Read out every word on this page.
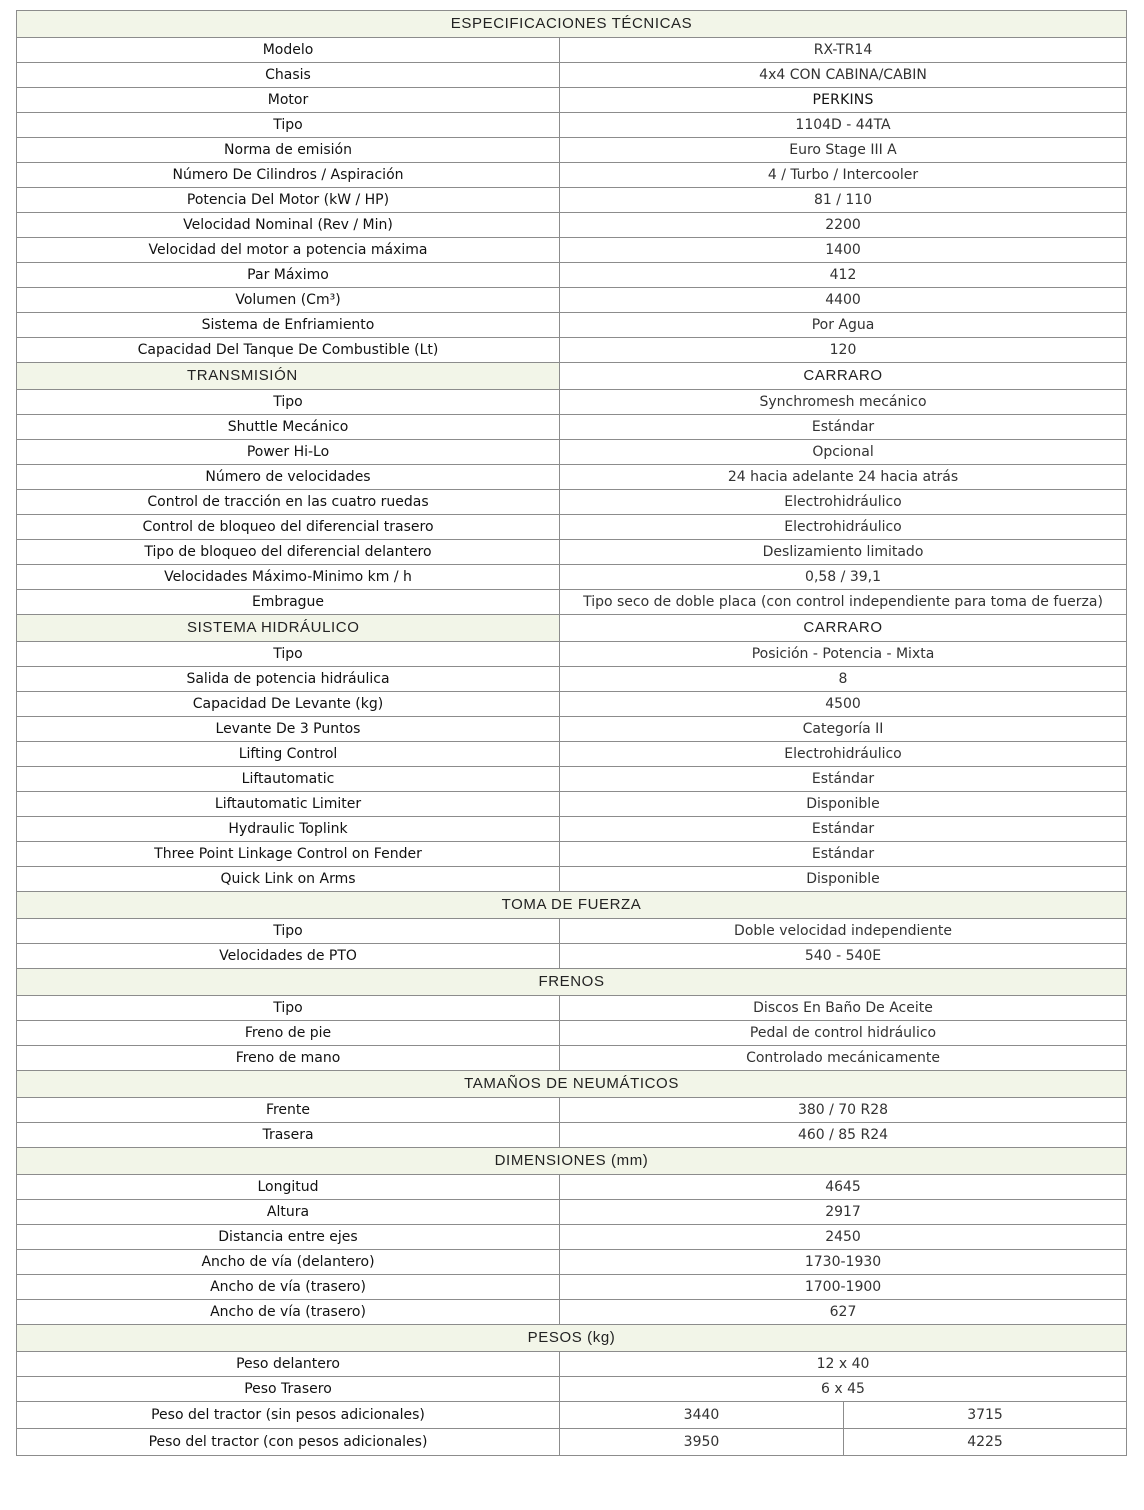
ESPECIFICACIONES TÉCNICAS		
Modelo	RX-TR14	
Chasis	4x4 CON CABINA/CABIN	
Motor	PERKINS	
Tipo	1104D - 44TA	
Norma de emisión	Euro Stage III A	
Número De Cilindros / Aspiración	4 / Turbo / Intercooler	
Potencia Del Motor (kW / HP)	81 / 110	
Velocidad Nominal (Rev / Min)	2200	
Velocidad del motor a potencia máxima	1400	
Par Máximo	412	
Volumen (Cm³)	4400	
Sistema de Enfriamiento	Por Agua	
Capacidad Del Tanque De Combustible (Lt)	120	
TRANSMISIÓN	CARRARO	
Tipo	Synchromesh mecánico	
Shuttle Mecánico	Estándar	
Power Hi-Lo	Opcional	
Número de velocidades	24 hacia adelante 24 hacia atrás	
Control de tracción en las cuatro ruedas	Electrohidráulico	
Control de bloqueo del diferencial trasero	Electrohidráulico	
Tipo de bloqueo del diferencial delantero	Deslizamiento limitado	
Velocidades Máximo-Minimo km / h	0,58 / 39,1	
Embrague	Tipo seco de doble placa (con control independiente para toma de fuerza)	
SISTEMA HIDRÁULICO	CARRARO	
Tipo	Posición - Potencia - Mixta	
Salida de potencia hidráulica	8	
Capacidad De Levante (kg)	4500	
Levante De 3 Puntos	Categoría II	
Lifting Control	Electrohidráulico	
Liftautomatic	Estándar	
Liftautomatic Limiter	Disponible	
Hydraulic Toplink	Estándar	
Three Point Linkage Control on Fender	Estándar	
Quick Link on Arms	Disponible	
TOMA DE FUERZA		
Tipo	Doble velocidad independiente	
Velocidades de PTO	540 - 540E	
FRENOS		
Tipo	Discos En Baño De Aceite	
Freno de pie	Pedal de control hidráulico	
Freno de mano	Controlado mecánicamente	
TAMAÑOS DE NEUMÁTICOS		
Frente	380 / 70 R28	
Trasera	460 / 85 R24	
DIMENSIONES (mm)		
Longitud	4645	
Altura	2917	
Distancia entre ejes	2450	
Ancho de vía (delantero)	1730-1930	
Ancho de vía (trasero)	1700-1900	
Ancho de vía (trasero)	627	
PESOS (kg)		
Peso delantero	12 x 40	
Peso Trasero	6 x 45	
Peso del tractor (sin pesos adicionales)	3440	3715
Peso del tractor (con pesos adicionales)	3950	4225
